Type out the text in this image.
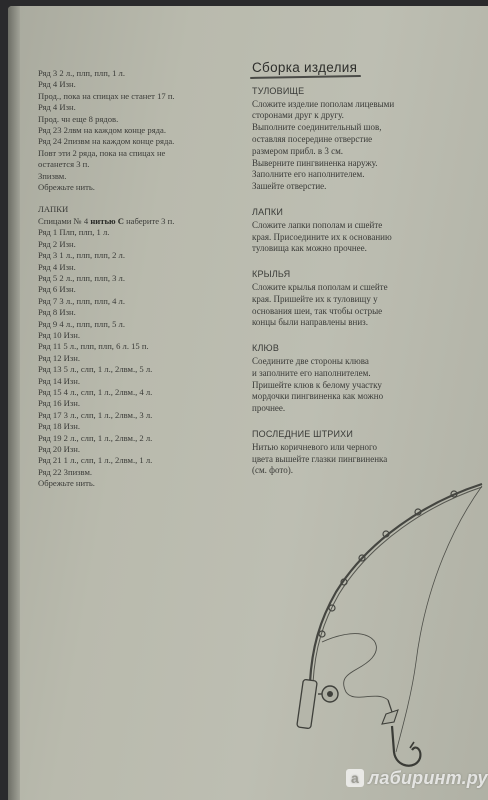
Ряд 3 2 л., плп, плп, 1 л.
Ряд 4 Изн.
Прод., пока на спицах не станет 17 п.
Ряд 4 Изн.
Прод. чн еще 8 рядов.
Ряд 23 2лвм на каждом конце ряда.
Ряд 24 2пизвм на каждом конце ряда.
Повт эти 2 ряда, пока на спицах не
останется 3 п.
Зпизвм.
Обрежьте нить.
ЛАПКИ
Спицами № 4 нитью С наберите 3 п.
Ряд 1 Плп, плп, 1 л.
Ряд 2 Изн.
Ряд 3 1 л., плп, плп, 2 л.
Ряд 4 Изн.
Ряд 5 2 л., плп, плп, 3 л.
Ряд 6 Изн.
Ряд 7 3 л., плп, плп, 4 л.
Ряд 8 Изн.
Ряд 9 4 л., плп, плп, 5 л.
Ряд 10 Изн.
Ряд 11 5 л., плп, плп, 6 л. 15 п.
Ряд 12 Изн.
Ряд 13 5 л., слп, 1 л., 2лвм., 5 л.
Ряд 14 Изн.
Ряд 15 4 л., слп, 1 л., 2лвм., 4 л.
Ряд 16 Изн.
Ряд 17 3 л., слп, 1 л., 2лвм., 3 л.
Ряд 18 Изн.
Ряд 19 2 л., слп, 1 л., 2лвм., 2 л.
Ряд 20 Изн.
Ряд 21 1 л., слп, 1 л., 2лвм., 1 л.
Ряд 22 3пизвм.
Обрежьте нить.
Сборка изделия
ТУЛОВИЩЕ
Сложите изделие пополам лицевыми
сторонами друг к другу.
Выполните соединительный шов,
оставляя посередине отверстие
размером прибл. в 3 см.
Выверните пингвиненка наружу.
Заполните его наполнителем.
Зашейте отверстие.
ЛАПКИ
Сложите лапки пополам и сшейте
края. Присоедините их к основанию
туловища как можно прочнее.
КРЫЛЬЯ
Сложите крылья пополам и сшейте
края. Пришейте их к туловищу у
основания шеи, так чтобы острые
концы были направлены вниз.
КЛЮВ
Соедините две стороны клюва
и заполните его наполнителем.
Пришейте клюв к белому участку
мордочки пингвиненка как можно
прочнее.
ПОСЛЕДНИЕ ШТРИХИ
Нитью коричневого или черного
цвета вышейте глазки пингвиненка
(см. фото).
а лабиринт.ру
